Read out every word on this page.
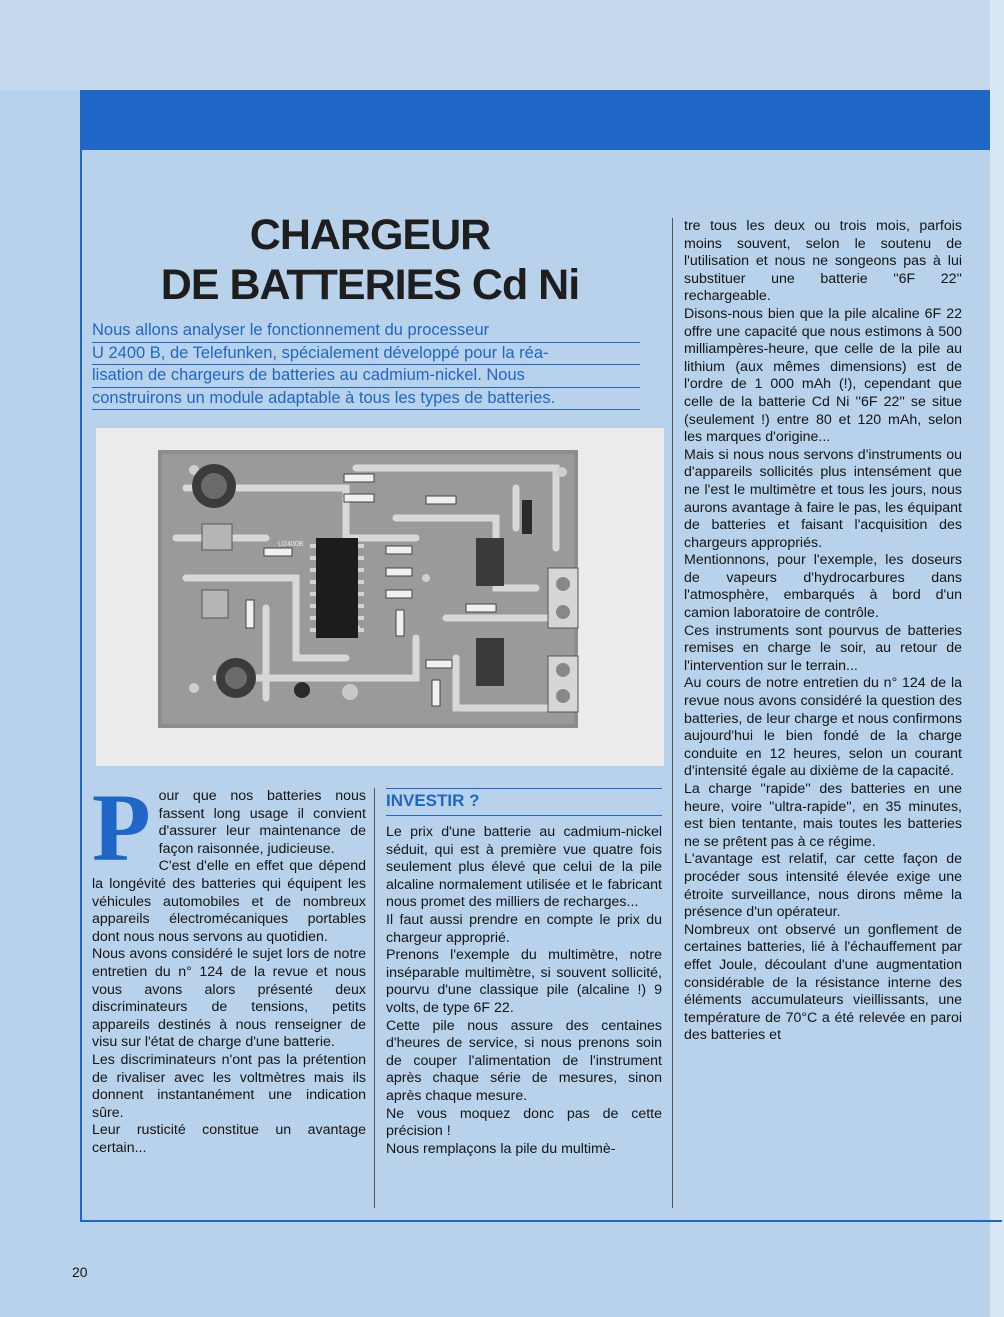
CHARGEUR
DE BATTERIES Cd Ni

Nous allons analyser le fonctionnement du processeur
U 2400 B, de Telefunken, spécialement développé pour la réa-
lisation de chargeurs de batteries au cadmium-nickel. Nous
construirons un module adaptable à tous les types de batteries.

U2400B
P our que nos batteries nous fassent long usage il convient d'assurer leur maintenance de façon raisonnée, judicieuse.

C'est d'elle en effet que dépend la longévité des batteries qui équipent les véhicules automobiles et de nombreux appareils électromécaniques portables dont nous nous servons au quotidien.

Nous avons considéré le sujet lors de notre entretien du n° 124 de la revue et nous vous avons alors présenté deux discriminateurs de tensions, petits appareils destinés à nous renseigner de visu sur l'état de charge d'une batterie.

Les discriminateurs n'ont pas la prétention de rivaliser avec les voltmètres mais ils donnent instantanément une indication sûre.

Leur rusticité constitue un avantage certain...

INVESTIR ?

Le prix d'une batterie au cadmium-nickel séduit, qui est à première vue quatre fois seulement plus élevé que celui de la pile alcaline normalement utilisée et le fabricant nous promet des milliers de recharges...

Il faut aussi prendre en compte le prix du chargeur approprié.

Prenons l'exemple du multimètre, notre inséparable multimètre, si souvent sollicité, pourvu d'une classique pile (alcaline !) 9 volts, de type 6F 22.

Cette pile nous assure des centaines d'heures de service, si nous prenons soin de couper l'alimentation de l'instrument après chaque série de mesures, sinon après chaque mesure.

Ne vous moquez donc pas de cette précision !

Nous remplaçons la pile du multimè-

tre tous les deux ou trois mois, parfois moins souvent, selon le soutenu de l'utilisation et nous ne songeons pas à lui substituer une batterie ''6F 22'' rechargeable.

Disons-nous bien que la pile alcaline 6F 22 offre une capacité que nous estimons à 500 milliampères-heure, que celle de la pile au lithium (aux mêmes dimensions) est de l'ordre de 1 000 mAh (!), cependant que celle de la batterie Cd Ni ''6F 22'' se situe (seulement !) entre 80 et 120 mAh, selon les marques d'origine...

Mais si nous nous servons d'instruments ou d'appareils sollicités plus intensément que ne l'est le multimètre et tous les jours, nous aurons avantage à faire le pas, les équipant de batteries et faisant l'acquisition des chargeurs appropriés.

Mentionnons, pour l'exemple, les doseurs de vapeurs d'hydrocarbures dans l'atmosphère, embarqués à bord d'un camion laboratoire de contrôle.

Ces instruments sont pourvus de batteries remises en charge le soir, au retour de l'intervention sur le terrain...

Au cours de notre entretien du n° 124 de la revue nous avons considéré la question des batteries, de leur charge et nous confirmons aujourd'hui le bien fondé de la charge conduite en 12 heures, selon un courant d'intensité égale au dixième de la capacité.

La charge ''rapide'' des batteries en une heure, voire ''ultra-rapide'', en 35 minutes, est bien tentante, mais toutes les batteries ne se prêtent pas à ce régime.

L'avantage est relatif, car cette façon de procéder sous intensité élevée exige une étroite surveillance, nous dirons même la présence d'un opérateur.

Nombreux ont observé un gonflement de certaines batteries, lié à l'échauffement par effet Joule, découlant d'une augmentation considérable de la résistance interne des éléments accumulateurs vieillissants, une température de 70°C a été relevée en paroi des batteries et

20
